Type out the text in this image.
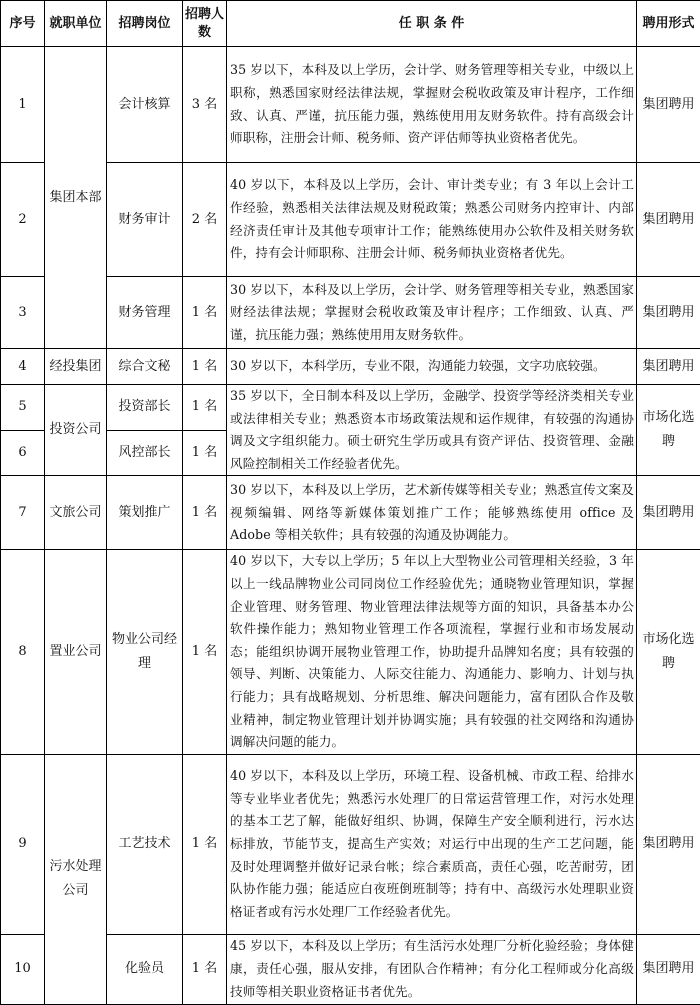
序号	就职单位	招聘岗位	招聘人数	任 职 条 件	聘用形式
1	集团本部	会计核算	3 名	35 岁以下，本科及以上学历，会计学、财务管理等相关专业，中级以上职称，熟悉国家财经法律法规，掌握财会税收政策及审计程序，工作细致、认真、严谨，抗压能力强，熟练使用用友财务软件。持有高级会计师职称，注册会计师、税务师、资产评估师等执业资格者优先。	集团聘用
2		财务审计	2 名	40 岁以下，本科及以上学历，会计、审计类专业；有 3 年以上会计工作经验，熟悉相关法律法规及财税政策；熟悉公司财务内控审计、内部经济责任审计及其他专项审计工作；能熟练使用办公软件及相关财务软件，持有会计师职称、注册会计师、税务师执业资格者优先。	集团聘用
3		财务管理	1 名	30 岁以下，本科及以上学历，会计学、财务管理等相关专业，熟悉国家财经法律法规；掌握财会税收政策及审计程序；工作细致、认真、严谨，抗压能力强；熟练使用用友财务软件。	集团聘用
4	经投集团	综合文秘	1 名	30 岁以下，本科学历，专业不限，沟通能力较强，文字功底较强。	集团聘用
5	投资公司	投资部长	1 名	35 岁以下，全日制本科及以上学历，金融学、投资学等经济类相关专业或法律相关专业；熟悉资本市场政策法规和运作规律，有较强的沟通协调及文字组织能力。硕士研究生学历或具有资产评估、投资管理、金融风险控制相关工作经验者优先。	市场化选聘
6		风控部长	1 名		
7	文旅公司	策划推广	1 名	30 岁以下，本科及以上学历，艺术新传媒等相关专业；熟悉宣传文案及视频编辑、网络等新媒体策划推广工作；能够熟练使用 office 及 Adobe 等相关软件；具有较强的沟通及协调能力。	集团聘用
8	置业公司	物业公司经理	1 名	40 岁以下，大专以上学历；5 年以上大型物业公司管理相关经验，3 年以上一线品牌物业公司同岗位工作经验优先；通晓物业管理知识，掌握企业管理、财务管理、物业管理法律法规等方面的知识，具备基本办公软件操作能力；熟知物业管理工作各项流程，掌握行业和市场发展动态；能组织协调开展物业管理工作，协助提升品牌知名度；具有较强的领导、判断、决策能力、人际交往能力、沟通能力、影响力、计划与执行能力；具有战略规划、分析思维、解决问题能力，富有团队合作及敬业精神，制定物业管理计划并协调实施；具有较强的社交网络和沟通协调解决问题的能力。	市场化选聘
9	污水处理公司	工艺技术	1 名	40 岁以下，本科及以上学历，环境工程、设备机械、市政工程、给排水等专业毕业者优先；熟悉污水处理厂的日常运营管理工作，对污水处理的基本工艺了解，能做好组织、协调，保障生产安全顺利进行，污水达标排放，节能节支，提高生产实效；对运行中出现的生产工艺问题，能及时处理调整并做好记录台帐；综合素质高，责任心强，吃苦耐劳，团队协作能力强；能适应白夜班倒班制等；持有中、高级污水处理职业资格证者或有污水处理厂工作经验者优先。	集团聘用
10		化验员	1 名	45 岁以下，本科及以上学历；有生活污水处理厂分析化验经验；身体健康，责任心强，服从安排，有团队合作精神；有分化工程师或分化高级技师等相关职业资格证书者优先。	集团聘用
